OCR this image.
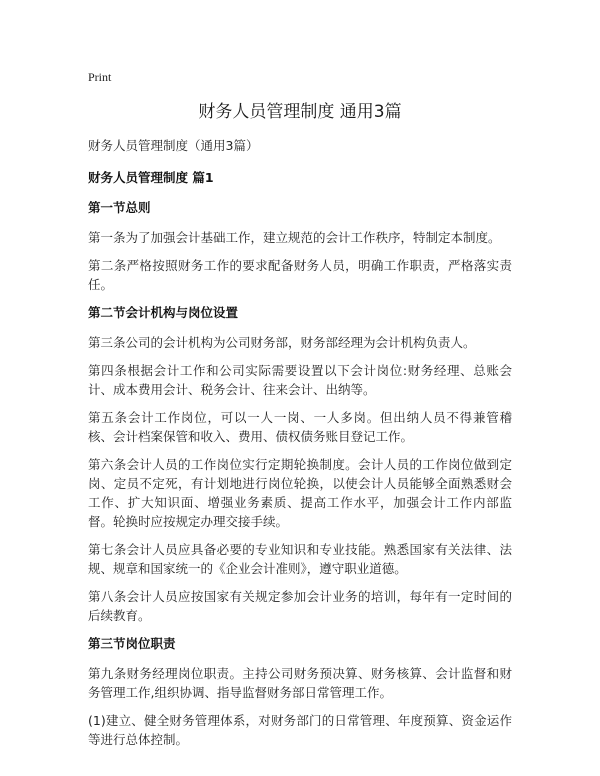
Print
财务人员管理制度 通用3篇

财务人员管理制度（通用3篇）

财务人员管理制度 篇1
第一节总则

第一条为了加强会计基础工作，建立规范的会计工作秩序，特制定本制度。

第二条严格按照财务工作的要求配备财务人员，明确工作职责，严格落实责任。

第二节会计机构与岗位设置

第三条公司的会计机构为公司财务部，财务部经理为会计机构负责人。

第四条根据会计工作和公司实际需要设置以下会计岗位:财务经理、总账会计、成本费用会计、税务会计、往来会计、出纳等。

第五条会计工作岗位，可以一人一岗、一人多岗。但出纳人员不得兼管稽核、会计档案保管和收入、费用、债权债务账目登记工作。

第六条会计人员的工作岗位实行定期轮换制度。会计人员的工作岗位做到定岗、定员不定死，有计划地进行岗位轮换，以使会计人员能够全面熟悉财会工作、扩大知识面、增强业务素质、提高工作水平，加强会计工作内部监督。轮换时应按规定办理交接手续。

第七条会计人员应具备必要的专业知识和专业技能。熟悉国家有关法律、法规、规章和国家统一的《企业会计准则》，遵守职业道德。

第八条会计人员应按国家有关规定参加会计业务的培训，每年有一定时间的后续教育。

第三节岗位职责

第九条财务经理岗位职责。主持公司财务预决算、财务核算、会计监督和财务管理工作,组织协调、指导监督财务部日常管理工作。

(1)建立、健全财务管理体系，对财务部门的日常管理、年度预算、资金运作等进行总体控制。
